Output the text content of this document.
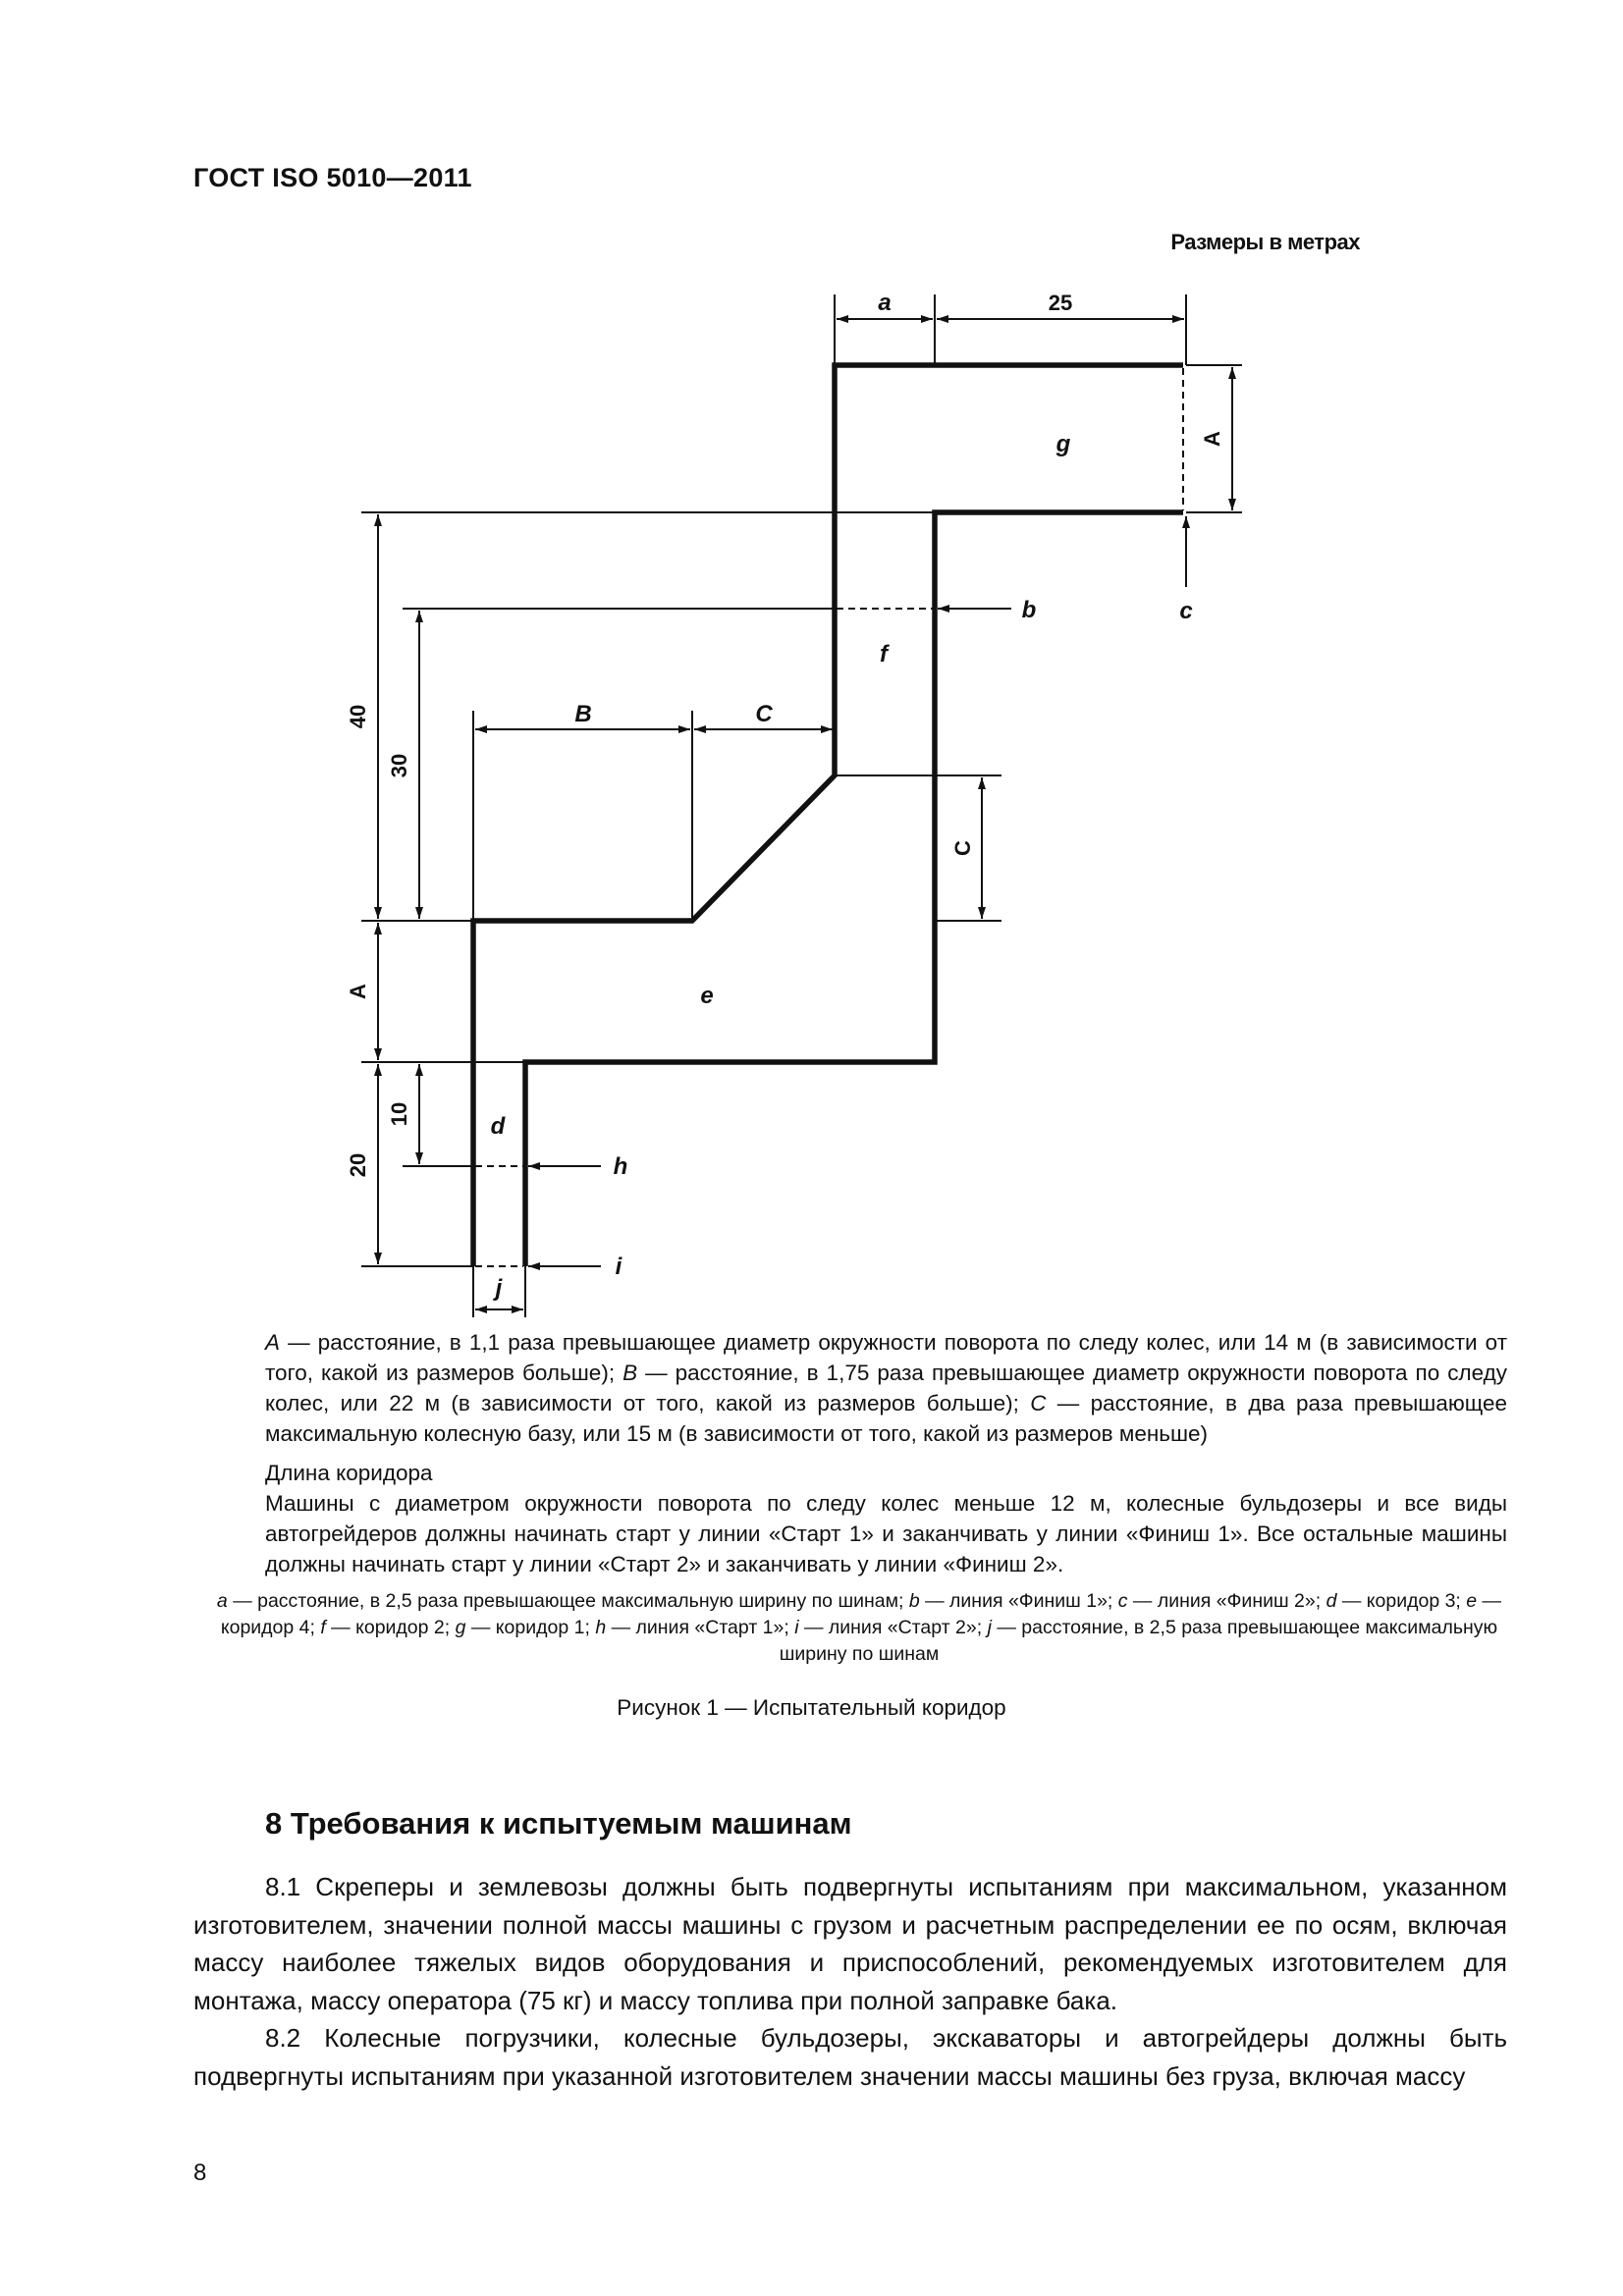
ГОСТ ISO 5010—2011
Размеры в метрах
a	25
A
40
30
B	C
C
A
10
20
j
g
f
e
d
b	c
h
i

A — расстояние, в 1,1 раза превышающее диаметр окружности поворота по следу колес, или 14 м (в зависимости от того, какой из размеров больше); B — расстояние, в 1,75 раза превышающее диаметр окружности поворота по следу колес, или 22 м (в зависимости от того, какой из размеров больше); C — расстояние, в два раза превышающее максимальную колесную базу, или 15 м (в зависимости от того, какой из размеров меньше)

Длина коридора

Машины с диаметром окружности поворота по следу колес меньше 12 м, колесные бульдозеры и все виды автогрейдеров должны начинать старт у линии «Старт 1» и заканчивать у линии «Финиш 1». Все остальные машины должны начинать старт у линии «Старт 2» и заканчивать у линии «Финиш 2».

a — расстояние, в 2,5 раза превышающее максимальную ширину по шинам; b — линия «Финиш 1»; c — линия «Финиш 2»; d — коридор 3; e — коридор 4; f — коридор 2; g — коридор 1; h — линия «Старт 1»; i — линия «Старт 2»; j — расстояние, в 2,5 раза превышающее максимальную ширину по шинам

Рисунок 1 — Испытательный коридор
8 Требования к испытуемым машинам

8.1 Скреперы и землевозы должны быть подвергнуты испытаниям при максимальном, указанном изготовителем, значении полной массы машины с грузом и расчетным распределении ее по осям, включая массу наиболее тяжелых видов оборудования и приспособлений, рекомендуемых изготовителем для монтажа, массу оператора (75 кг) и массу топлива при полной заправке бака.

8.2 Колесные погрузчики, колесные бульдозеры, экскаваторы и автогрейдеры должны быть подвергнуты испытаниям при указанной изготовителем значении массы машины без груза, включая массу

8
